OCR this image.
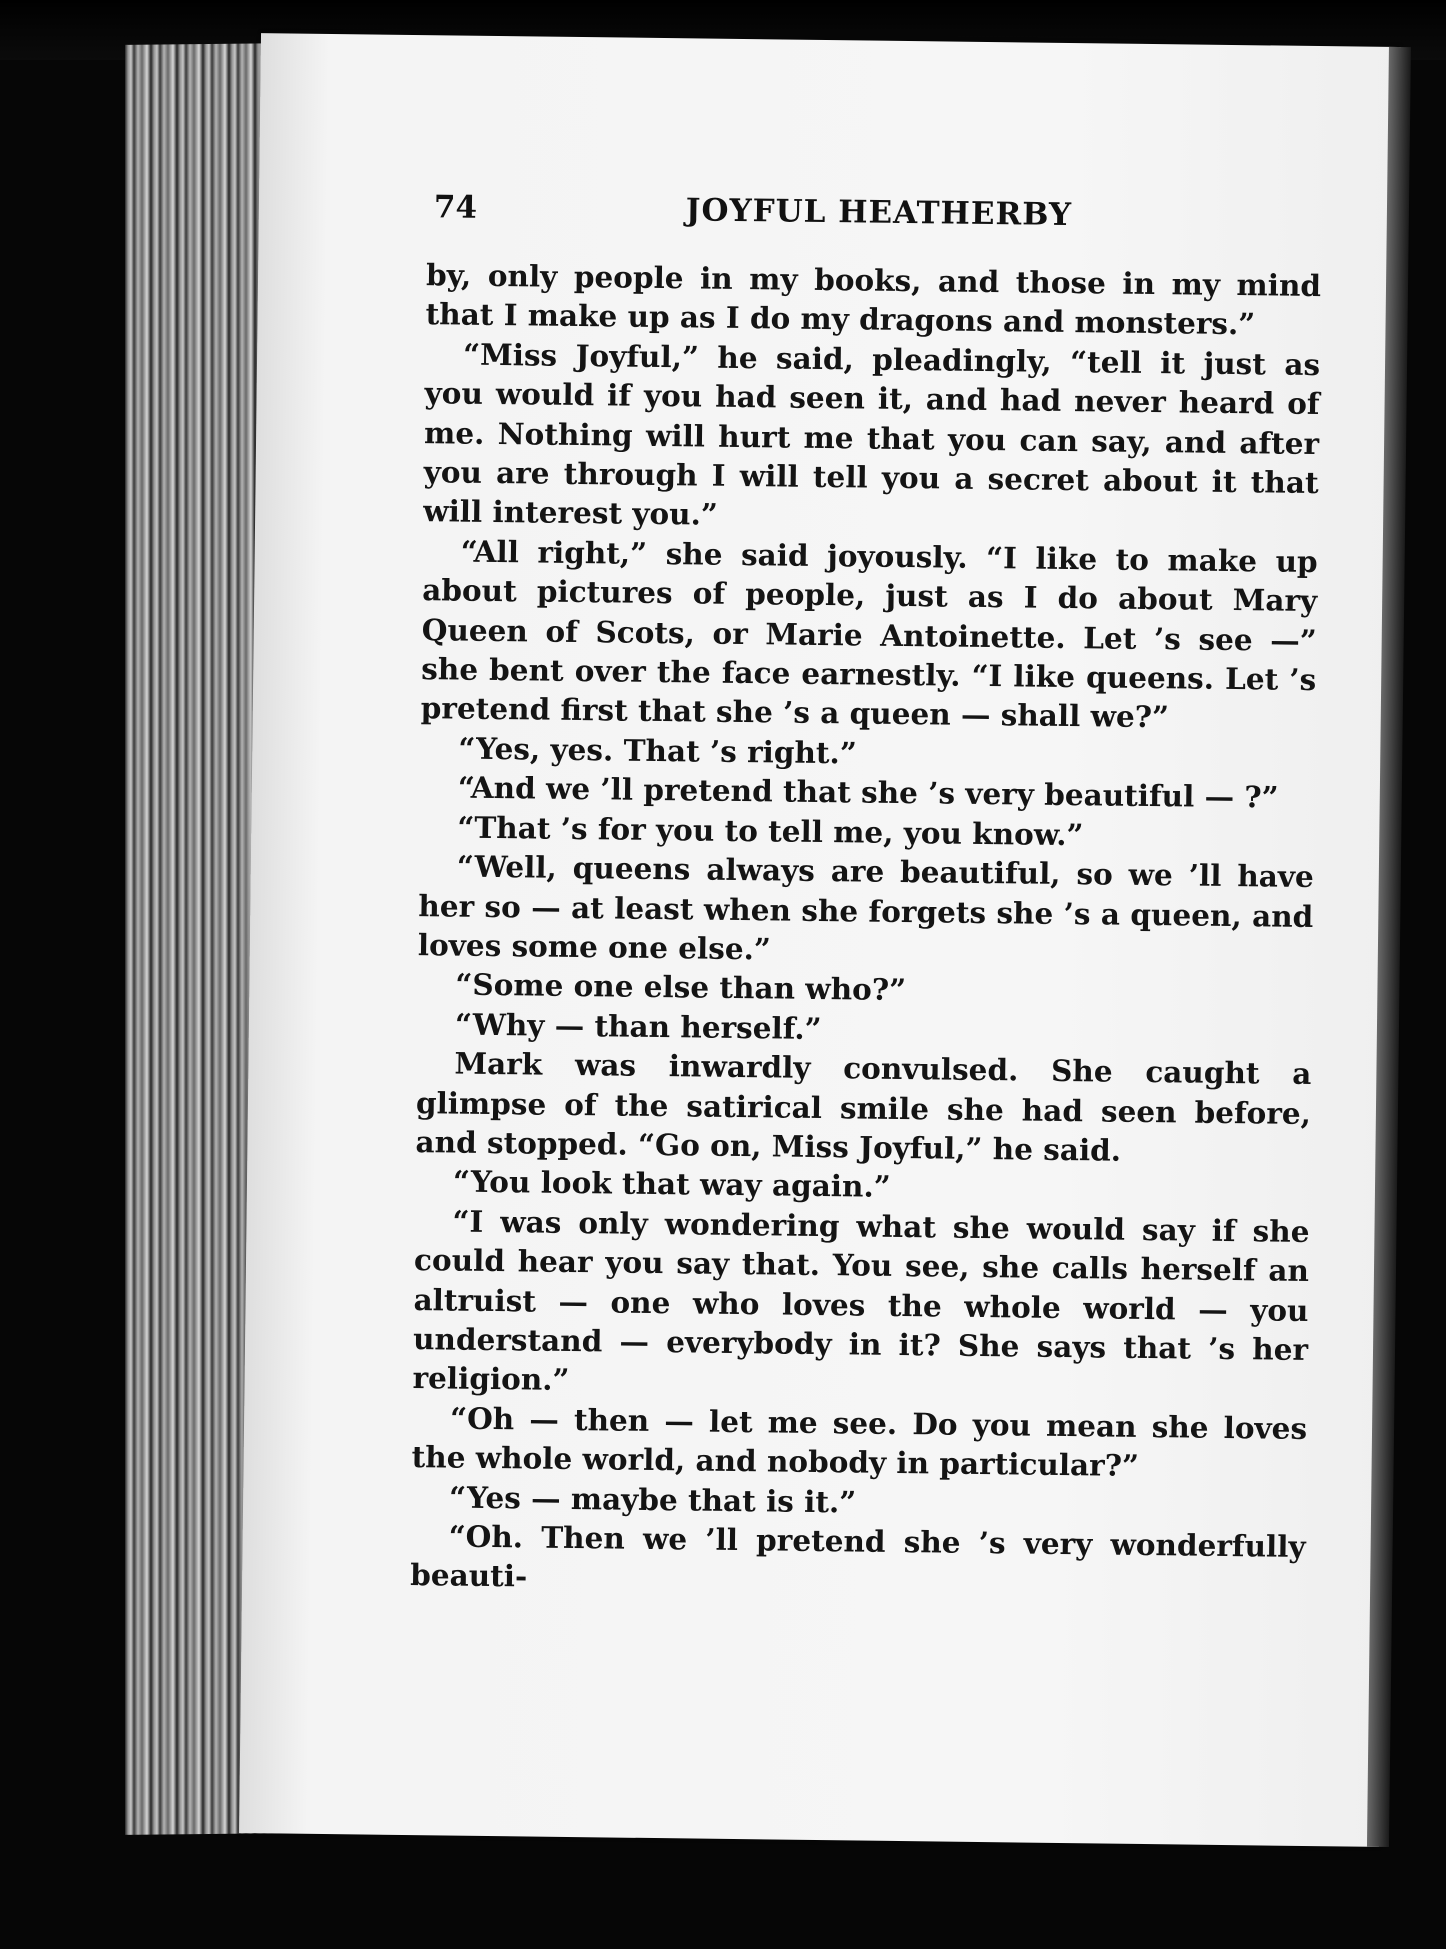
74	JOYFUL HEATHERBY

by, only people in my books, and those in my mind that I make up as I do my dragons and monsters.”

“Miss Joyful,” he said, pleadingly, “tell it just as you would if you had seen it, and had never heard of me. Nothing will hurt me that you can say, and after you are through I will tell you a secret about it that will interest you.”

“All right,” she said joyously. “I like to make up about pictures of people, just as I do about Mary Queen of Scots, or Marie Antoinette. Let ’s see —” she bent over the face earnestly. “I like queens. Let ’s pretend first that she ’s a queen — shall we?”

“Yes, yes. That ’s right.”

“And we ’ll pretend that she ’s very beautiful — ?”

“That ’s for you to tell me, you know.”

“Well, queens always are beautiful, so we ’ll have her so — at least when she forgets she ’s a queen, and loves some one else.”

“Some one else than who?”

“Why — than herself.”

Mark was inwardly convulsed. She caught a glimpse of the satirical smile she had seen before, and stopped. “Go on, Miss Joyful,” he said.

“You look that way again.”

“I was only wondering what she would say if she could hear you say that. You see, she calls herself an altruist — one who loves the whole world — you understand — everybody in it? She says that ’s her religion.”

“Oh — then — let me see. Do you mean she loves the whole world, and nobody in particular?”

“Yes — maybe that is it.”

“Oh. Then we ’ll pretend she ’s very wonderfully beauti-
